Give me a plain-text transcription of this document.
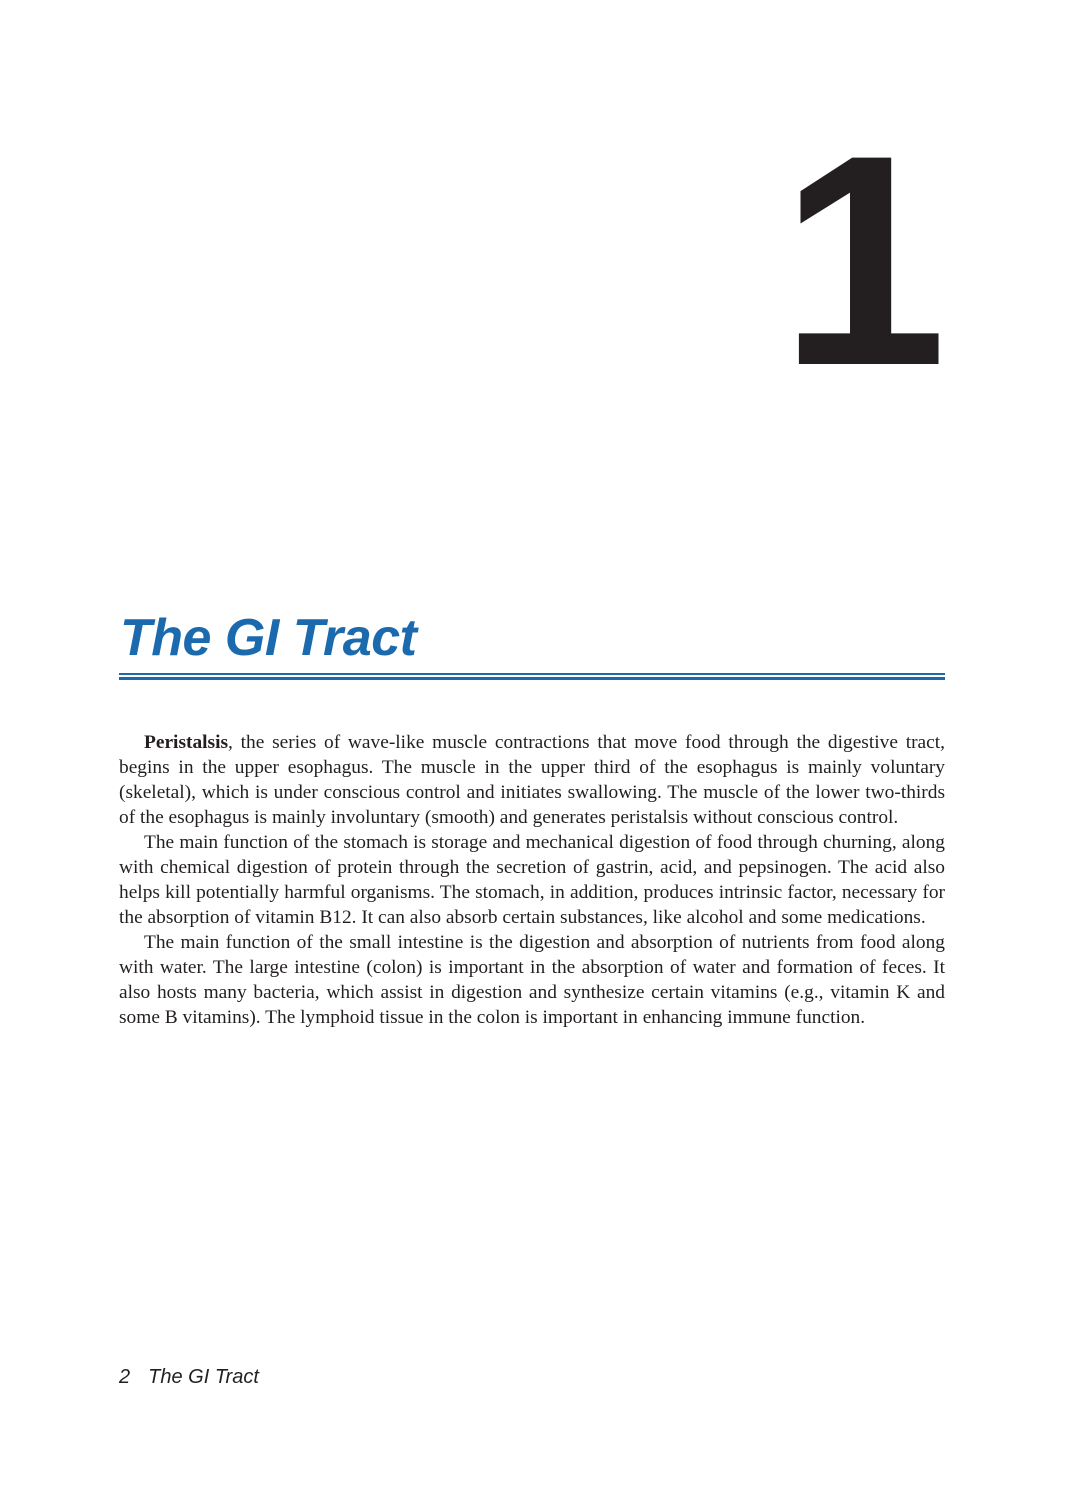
1
The GI Tract

Peristalsis, the series of wave-like muscle contractions that move food through the digestive tract, begins in the upper esophagus. The muscle in the upper third of the esophagus is mainly voluntary (skeletal), which is under conscious control and initiates swallowing. The muscle of the lower two-thirds of the esophagus is mainly involuntary (smooth) and generates peristalsis without conscious control.

The main function of the stomach is storage and mechanical digestion of food through churning, along with chemical digestion of protein through the secretion of gastrin, acid, and pepsinogen. The acid also helps kill potentially harmful organisms. The stomach, in addition, produces intrinsic factor, necessary for the absorption of vitamin B12. It can also absorb certain substances, like alcohol and some medications.

The main function of the small intestine is the digestion and absorption of nutrients from food along with water. The large intestine (colon) is important in the absorption of water and formation of feces. It also hosts many bacteria, which assist in digestion and synthesize certain vitamins (e.g., vitamin K and some B vitamins). The lymphoid tissue in the colon is important in enhancing immune function.

2 The GI Tract
